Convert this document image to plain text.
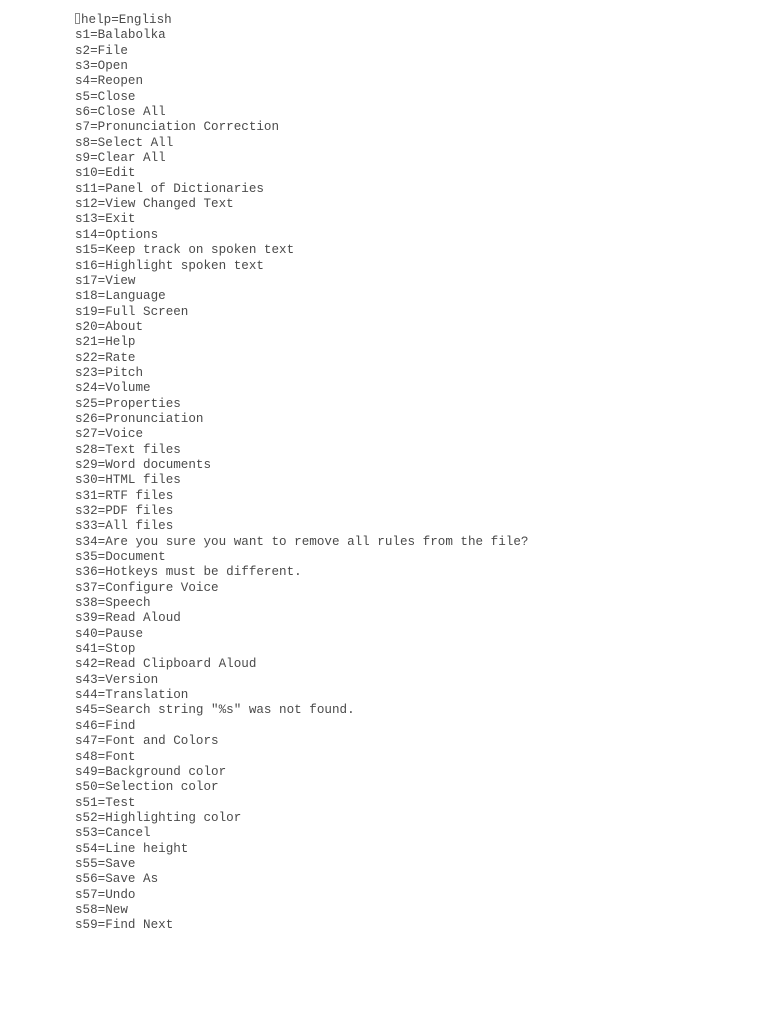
help=English
s1=Balabolka
s2=File
s3=Open
s4=Reopen
s5=Close
s6=Close All
s7=Pronunciation Correction
s8=Select All
s9=Clear All
s10=Edit
s11=Panel of Dictionaries
s12=View Changed Text
s13=Exit
s14=Options
s15=Keep track on spoken text
s16=Highlight spoken text
s17=View
s18=Language
s19=Full Screen
s20=About
s21=Help
s22=Rate
s23=Pitch
s24=Volume
s25=Properties
s26=Pronunciation
s27=Voice
s28=Text files
s29=Word documents
s30=HTML files
s31=RTF files
s32=PDF files
s33=All files
s34=Are you sure you want to remove all rules from the file?
s35=Document
s36=Hotkeys must be different.
s37=Configure Voice
s38=Speech
s39=Read Aloud
s40=Pause
s41=Stop
s42=Read Clipboard Aloud
s43=Version
s44=Translation
s45=Search string "%s" was not found.
s46=Find
s47=Font and Colors
s48=Font
s49=Background color
s50=Selection color
s51=Test
s52=Highlighting color
s53=Cancel
s54=Line height
s55=Save
s56=Save As
s57=Undo
s58=New
s59=Find Next
